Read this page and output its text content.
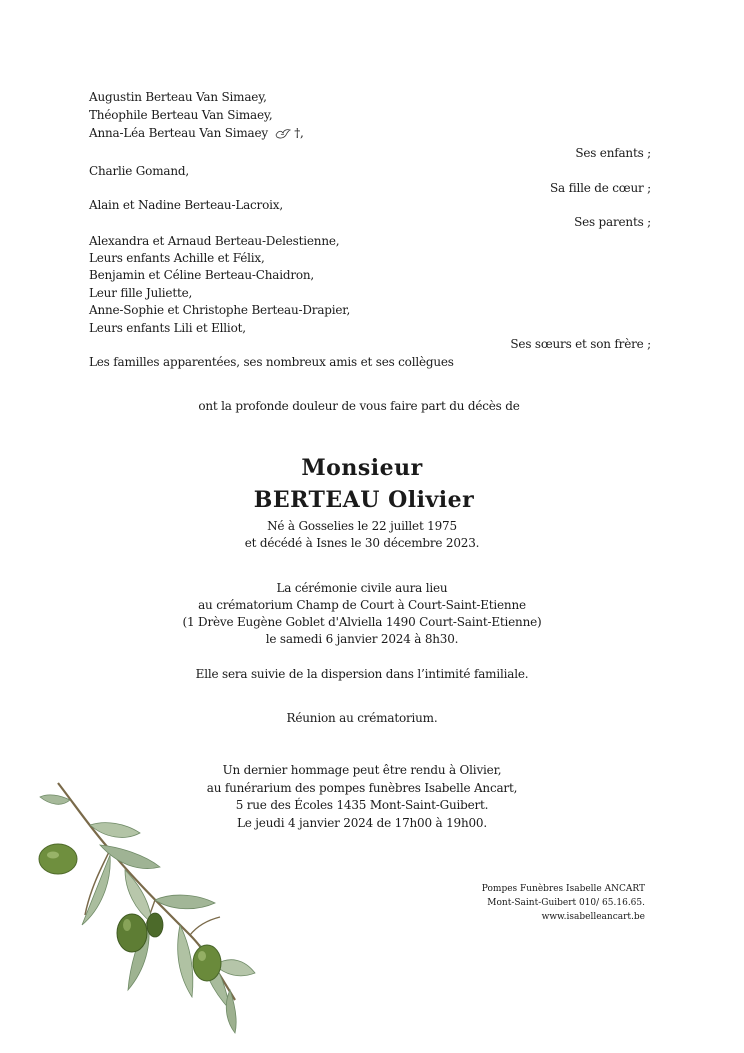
Augustin Berteau Van Simaey,
Théophile Berteau Van Simaey,
Anna-Léa Berteau Van Simaey †,
Ses enfants ;
Charlie Gomand,
Sa fille de cœur ;
Alain et Nadine Berteau-Lacroix,
Ses parents ;
Alexandra et Arnaud Berteau-Delestienne,
Leurs enfants Achille et Félix,
Benjamin et Céline Berteau-Chaidron,
Leur fille Juliette,
Anne-Sophie et Christophe Berteau-Drapier,
Leurs enfants Lili et Elliot,
Ses sœurs et son frère ;
Les familles apparentées, ses nombreux amis et ses collègues
ont la profonde douleur de vous faire part du décès de
Monsieur
BERTEAU Olivier
Né à Gosselies le 22 juillet 1975
et décédé à Isnes le 30 décembre 2023.
La cérémonie civile aura lieu
au crématorium Champ de Court à Court-Saint-Etienne
(1 Drève Eugène Goblet d'Alviella 1490 Court-Saint-Etienne)
le samedi 6 janvier 2024 à 8h30.
Elle sera suivie de la dispersion dans l’intimité familiale.
Réunion au crématorium.
Un dernier hommage peut être rendu à Olivier,
au funérarium des pompes funèbres Isabelle Ancart,
5 rue des Écoles 1435 Mont-Saint-Guibert.
Le jeudi 4 janvier 2024 de 17h00 à 19h00.
Pompes Funèbres Isabelle ANCART
Mont-Saint-Guibert 010/ 65.16.65.
www.isabelleancart.be
